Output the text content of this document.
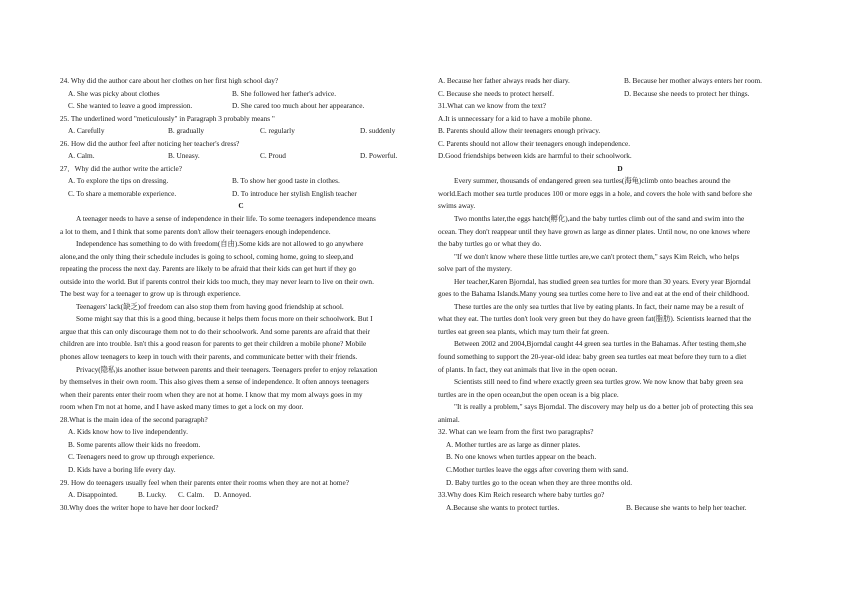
24. Why did the author care about her clothes on her first high school day?
A. She was picky about clothes	B. She followed her father's advice.
C. She wanted to leave a good impression.	D. She cared too much about her appearance.
25. The underlined word "meticulously" in Paragraph 3 probably means "
A. Carefully	B. gradually	C. regularly	D. suddenly
26. How did the author feel after noticing her teacher's dress?
A. Calm.	B. Uneasy.	C. Proud	D. Powerful.
27．Why did the author write the article?
A. To explore the tips on dressing.	B. To show her good taste in clothes.
C. To share a memorable experience.	D. To introduce her stylish English teacher
C
A teenager needs to have a sense of independence in their life. To some teenagers independence means
a lot to them, and I think that some parents don't allow their teenagers enough independence.
Independence has something to do with freedom(自由).Some kids are not allowed to go anywhere
alone,and the only thing their schedule includes is going to school, coming home, going to sleep,and
repeating the process the next day. Parents are likely to be afraid that their kids can get hurt if they go
outside into the world. But if parents control their kids too much, they may never learn to live on their own.
The best way for a teenager to grow up is through experience.
Teenagers' lack(缺乏)of freedom can also stop them from having good friendship at school.
Some might say that this is a good thing, because it helps them focus more on their schoolwork. But I
argue that this can only discourage them not to do their schoolwork. And some parents are afraid that their
children are into trouble. Isn't this a good reason for parents to get their children a mobile phone? Mobile
phones allow teenagers to keep in touch with their parents, and communicate better with their friends.
Privacy(隐私)is another issue between parents and their teenagers. Teenagers prefer to enjoy relaxation
by themselves in their own room. This also gives them a sense of independence. It often annoys teenagers
when their parents enter their room when they are not at home. I know that my mom always goes in my
room when I'm not at home, and I have asked many times to get a lock on my door.
28.What is the main idea of the second paragraph?
A. Kids know how to live independently.
B. Some parents allow their kids no freedom.
C. Teenagers need to grow up through experience.
D. Kids have a boring life every day.
29. How do teenagers usually feel when their parents enter their rooms when they are not at home?
A. Disappointed.	B. Lucky.	C. Calm.	D. Annoyed.
30.Why does the writer hope to have her door locked?
A. Because her father always reads her diary.	B. Because her mother always enters her room.
C. Because she needs to protect herself.	D. Because she needs to protect her things.
31.What can we know from the text?
A.It is unnecessary for a kid to have a mobile phone.
B. Parents should allow their teenagers enough privacy.
C. Parents should not allow their teenagers enough independence.
D.Good friendships between kids are harmful to their schoolwork.
D
Every summer, thousands of endangered green sea turtles(海龟)climb onto beaches around the
world.Each mother sea turtle produces 100 or more eggs in a hole, and covers the hole with sand before she
swims away.
Two months later,the eggs hatch(孵化),and the baby turtles climb out of the sand and swim into the
ocean. They don't reappear until they have grown as large as dinner plates. Until now, no one knows where
the baby turtles go or what they do.
"If we don't know where these little turtles are,we can't protect them," says Kim Reich, who helps
solve part of the mystery.
Her teacher,Karen Bjorndal, has studied green sea turtles for more than 30 years. Every year Bjorndal
goes to the Bahama Islands.Many young sea turtles come here to live and eat at the end of their childhood.
These turtles are the only sea turtles that live by eating plants. In fact, their name may be a result of
what they eat. The turtles don't look very green but they do have green fat(脂肪). Scientists learned that the
turtles eat green sea plants, which may turn their fat green.
Between 2002 and 2004,Bjorndal caught 44 green sea turtles in the Bahamas. After testing them,she
found something to support the 20-year-old idea: baby green sea turtles eat meat before they turn to a diet
of plants. In fact, they eat animals that live in the open ocean.
Scientists still need to find where exactly green sea turtles grow. We now know that baby green sea
turtles are in the open ocean,but the open ocean is a big place.
"It is really a problem," says Bjorndal. The discovery may help us do a better job of protecting this sea
animal.
32. What can we learn from the first two paragraphs?
A. Mother turtles are as large as dinner plates.
B. No one knows when turtles appear on the beach.
C.Mother turtles leave the eggs after covering them with sand.
D. Baby turtles go to the ocean when they are three months old.
33.Why does Kim Reich research where baby turtles go?
A.Because she wants to protect turtles.	B. Because she wants to help her teacher.
